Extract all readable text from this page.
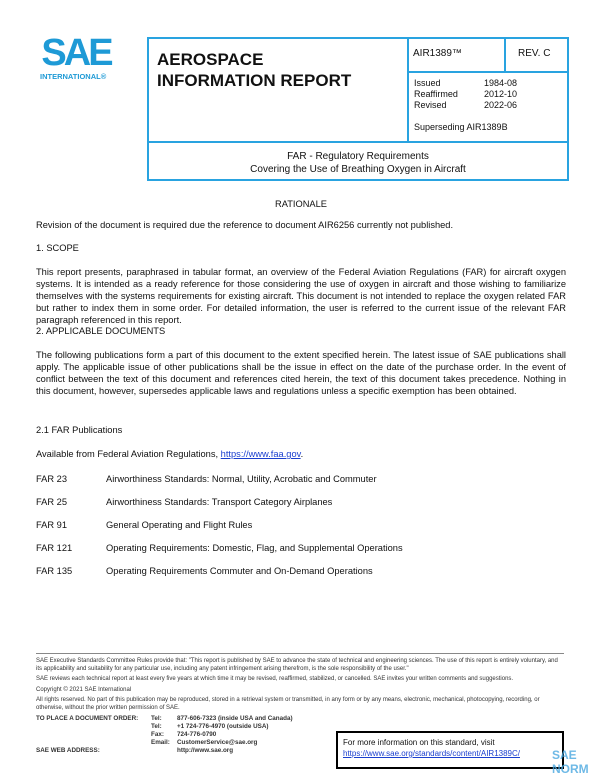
SAE
INTERNATIONAL®
AEROSPACE
INFORMATION REPORT
AIR1389™	REV. C
Issued	1984-08
Reaffirmed	2012-10
Revised	2022-06
Superseding AIR1389B
FAR - Regulatory Requirements
Covering the Use of Breathing Oxygen in Aircraft
RATIONALE
Revision of the document is required due the reference to document AIR6256 currently not published.
1. SCOPE
This report presents, paraphrased in tabular format, an overview of the Federal Aviation Regulations (FAR) for aircraft oxygen systems. It is intended as a ready reference for those considering the use of oxygen in aircraft and those wishing to familiarize themselves with the systems requirements for existing aircraft. This document is not intended to replace the oxygen related FAR but rather to index them in some order. For detailed information, the user is referred to the current issue of the relevant FAR paragraph referenced in this report.
2. APPLICABLE DOCUMENTS
The following publications form a part of this document to the extent specified herein. The latest issue of SAE publications shall apply. The applicable issue of other publications shall be the issue in effect on the date of the purchase order. In the event of conflict between the text of this document and references cited herein, the text of this document takes precedence. Nothing in this document, however, supersedes applicable laws and regulations unless a specific exemption has been obtained.
2.1 FAR Publications
Available from Federal Aviation Regulations, https://www.faa.gov.
FAR 23	Airworthiness Standards: Normal, Utility, Acrobatic and Commuter
FAR 25	Airworthiness Standards: Transport Category Airplanes
FAR 91	General Operating and Flight Rules
FAR 121	Operating Requirements: Domestic, Flag, and Supplemental Operations
FAR 135	Operating Requirements Commuter and On-Demand Operations

SAE Executive Standards Committee Rules provide that: "This report is published by SAE to advance the state of technical and engineering sciences. The use of this report is entirely voluntary, and its applicability and suitability for any particular use, including any patent infringement arising therefrom, is the sole responsibility of the user."

SAE reviews each technical report at least every five years at which time it may be revised, reaffirmed, stabilized, or cancelled. SAE invites your written comments and suggestions.

Copyright © 2021 SAE International

All rights reserved. No part of this publication may be reproduced, stored in a retrieval system or transmitted, in any form or by any means, electronic, mechanical, photocopying, recording, or otherwise, without the prior written permission of SAE.

TO PLACE A DOCUMENT ORDER:	Tel:	877-606-7323 (inside USA and Canada)
Tel:	+1 724-776-4970 (outside USA)
Fax:	724-776-0790
Email:	CustomerService@sae.org
SAE WEB ADDRESS:	http://www.sae.org
For more information on this standard, visit
https://www.sae.org/standards/content/AIR1389C/	SAE NORM
